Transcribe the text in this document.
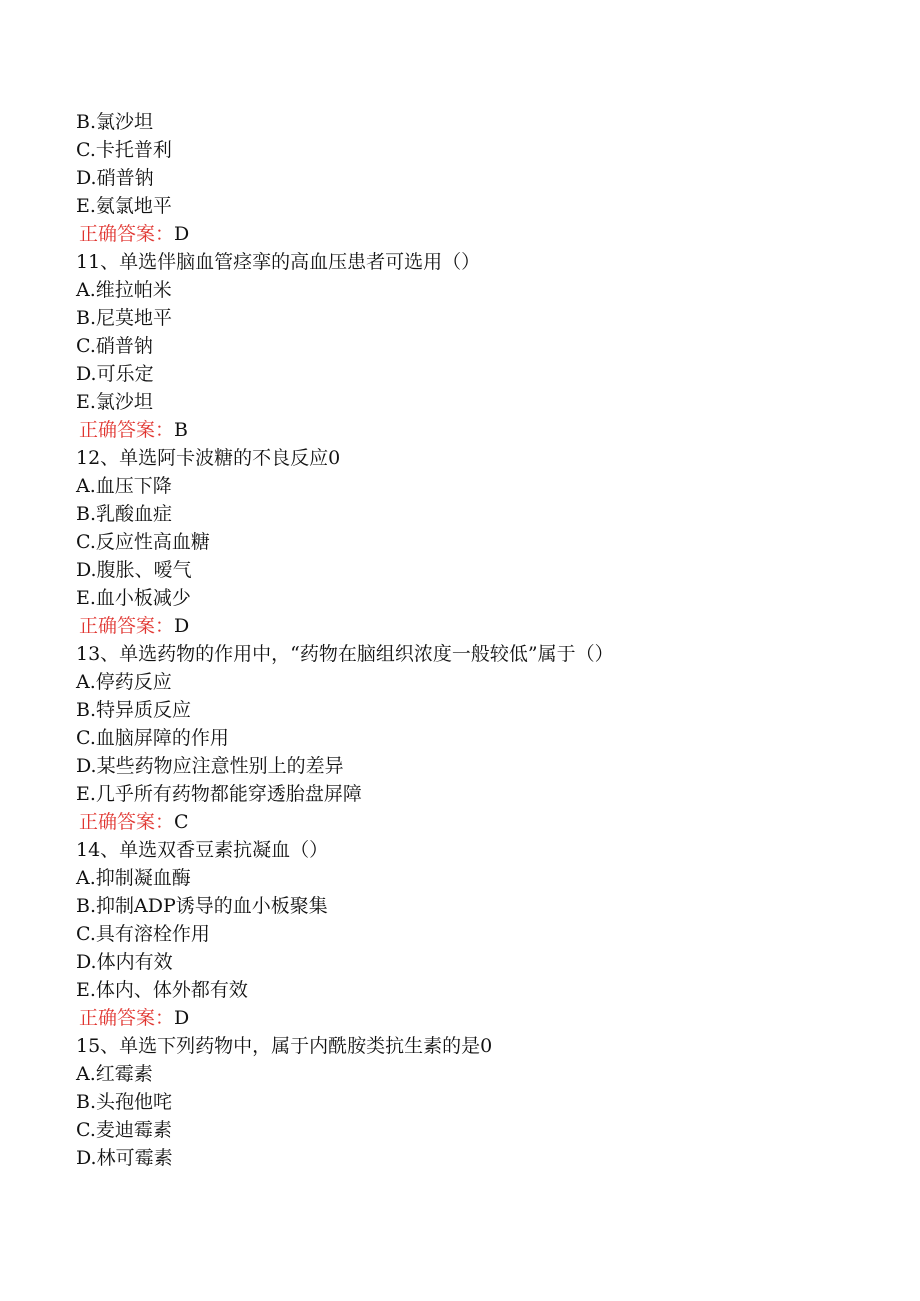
B.氯沙坦
C.卡托普利
D.硝普钠
E.氨氯地平
正确答案：D
11、单选伴脑血管痉挛的高血压患者可选用（）
A.维拉帕米
B.尼莫地平
C.硝普钠
D.可乐定
E.氯沙坦
正确答案：B
12、单选阿卡波糖的不良反应0
A.血压下降
B.乳酸血症
C.反应性高血糖
D.腹胀、嗳气
E.血小板减少
正确答案：D
13、单选药物的作用中，“药物在脑组织浓度一般较低”属于（）
A.停药反应
B.特异质反应
C.血脑屏障的作用
D.某些药物应注意性别上的差异
E.几乎所有药物都能穿透胎盘屏障
正确答案：C
14、单选双香豆素抗凝血（）
A.抑制凝血酶
B.抑制ADP诱导的血小板聚集
C.具有溶栓作用
D.体内有效
E.体内、体外都有效
正确答案：D
15、单选下列药物中，属于内酰胺类抗生素的是0
A.红霉素
B.头孢他咤
C.麦迪霉素
D.林可霉素
